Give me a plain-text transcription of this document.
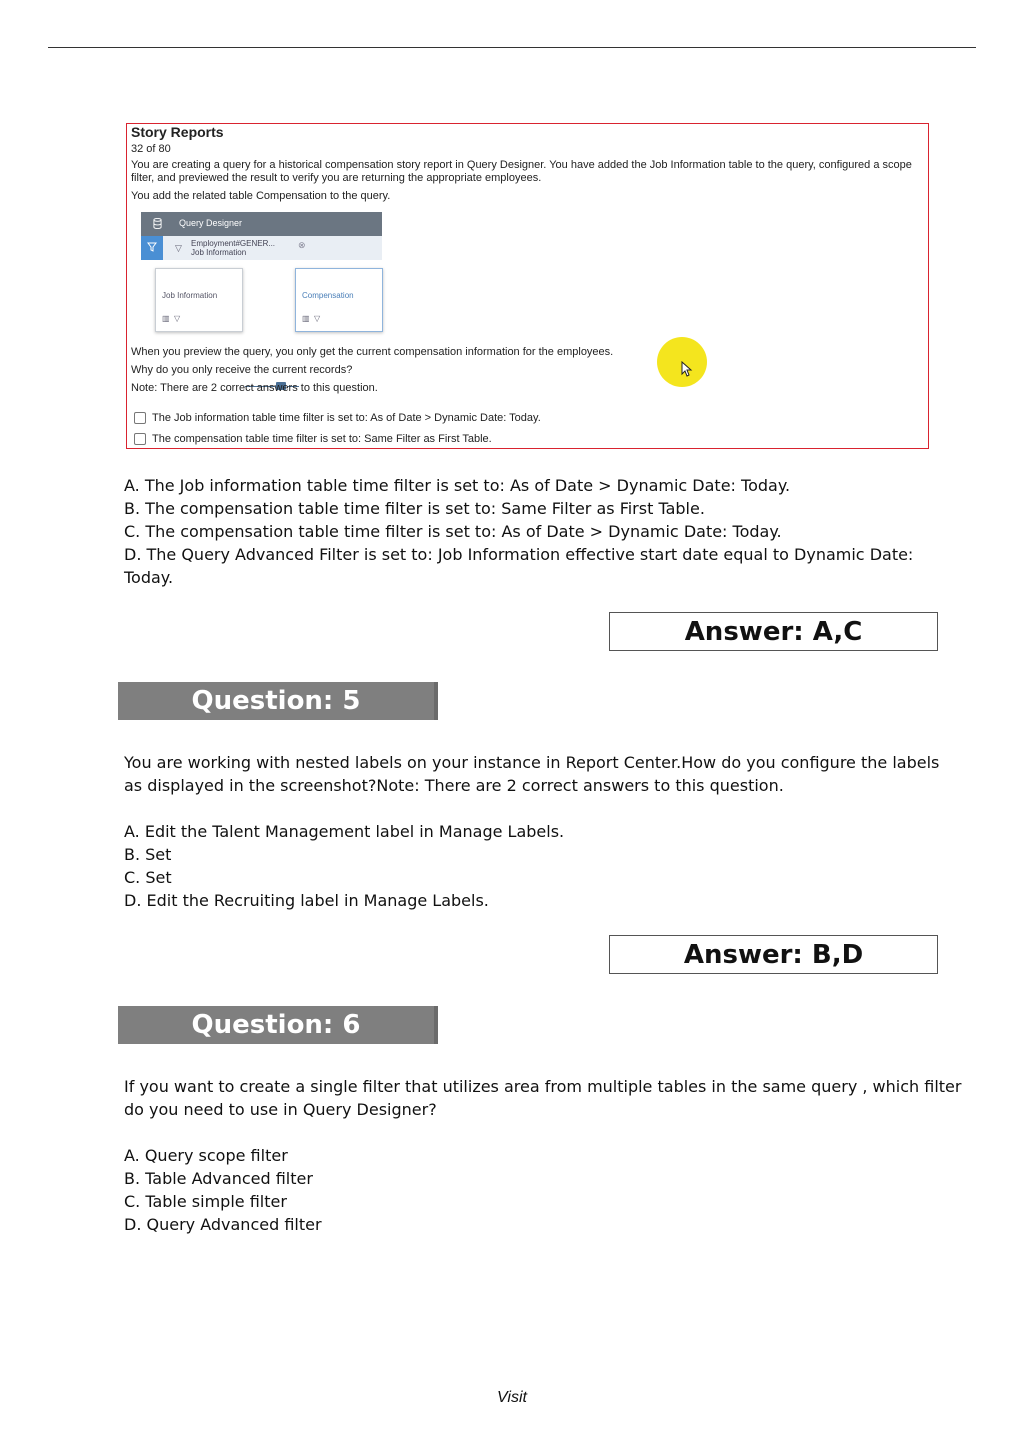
Story Reports
32 of 80
You are creating a query for a historical compensation story report in Query Designer. You have added the Job Information table to the query, configured a scope filter, and previewed the result to verify you are returning the appropriate employees.
You add the related table Compensation to the query.
Query Designer
▽ Employment#GENER...
Job Information
⊗
Job Information
▥  ▽
Compensation
▥  ▽
When you preview the query, you only get the current compensation information for the employees.
Why do you only receive the current records?
Note: There are 2 correct answers to this question.
The Job information table time filter is set to: As of Date > Dynamic Date: Today.
The compensation table time filter is set to: Same Filter as First Table.
A. The Job information table time filter is set to: As of Date > Dynamic Date: Today.
B. The compensation table time filter is set to: Same Filter as First Table.
C. The compensation table time filter is set to: As of Date > Dynamic Date: Today.
D. The Query Advanced Filter is set to: Job Information effective start date equal to Dynamic Date:
Today.
Answer: A,C
Question: 5
You are working with nested labels on your instance in Report Center.How do you configure the labels
as displayed in the screenshot?Note: There are 2 correct answers to this question.
A. Edit the Talent Management label in Manage Labels.
B. Set
C. Set
D. Edit the Recruiting label in Manage Labels.
Answer: B,D
Question: 6
If you want to create a single filter that utilizes area from multiple tables in the same query , which filter
do you need to use in Query Designer?
A. Query scope filter
B. Table Advanced filter
C. Table simple filter
D. Query Advanced filter
Visit
